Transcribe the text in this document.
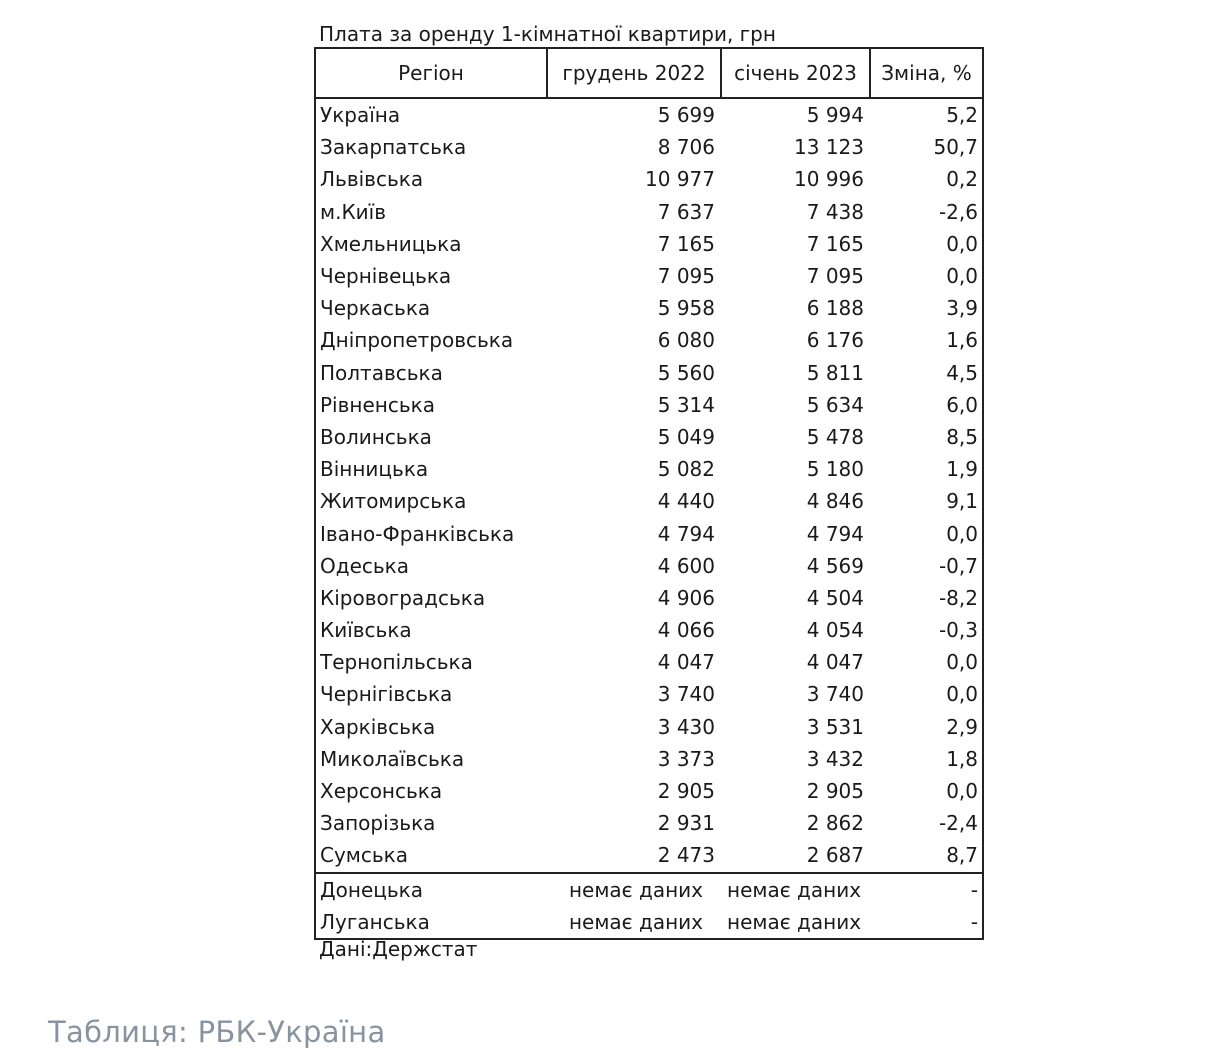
Плата за оренду 1-кімнатної квартири, грн
Регіон	грудень 2022	січень 2023	Зміна, %
Україна	5 699	5 994	5,2
Закарпатська	8 706	13 123	50,7
Львівська	10 977	10 996	0,2
м.Київ	7 637	7 438	-2,6
Хмельницька	7 165	7 165	0,0
Чернівецька	7 095	7 095	0,0
Черкаська	5 958	6 188	3,9
Дніпропетровська	6 080	6 176	1,6
Полтавська	5 560	5 811	4,5
Рівненська	5 314	5 634	6,0
Волинська	5 049	5 478	8,5
Вінницька	5 082	5 180	1,9
Житомирська	4 440	4 846	9,1
Івано-Франківська	4 794	4 794	0,0
Одеська	4 600	4 569	-0,7
Кіровоградська	4 906	4 504	-8,2
Київська	4 066	4 054	-0,3
Тернопільська	4 047	4 047	0,0
Чернігівська	3 740	3 740	0,0
Харківська	3 430	3 531	2,9
Миколаївська	3 373	3 432	1,8
Херсонська	2 905	2 905	0,0
Запорізька	2 931	2 862	-2,4
Сумська	2 473	2 687	8,7
Донецька	немає даних	немає даних	-
Луганська	немає даних	немає даних	-
Дані:Держстат
Таблиця: РБК-Україна
